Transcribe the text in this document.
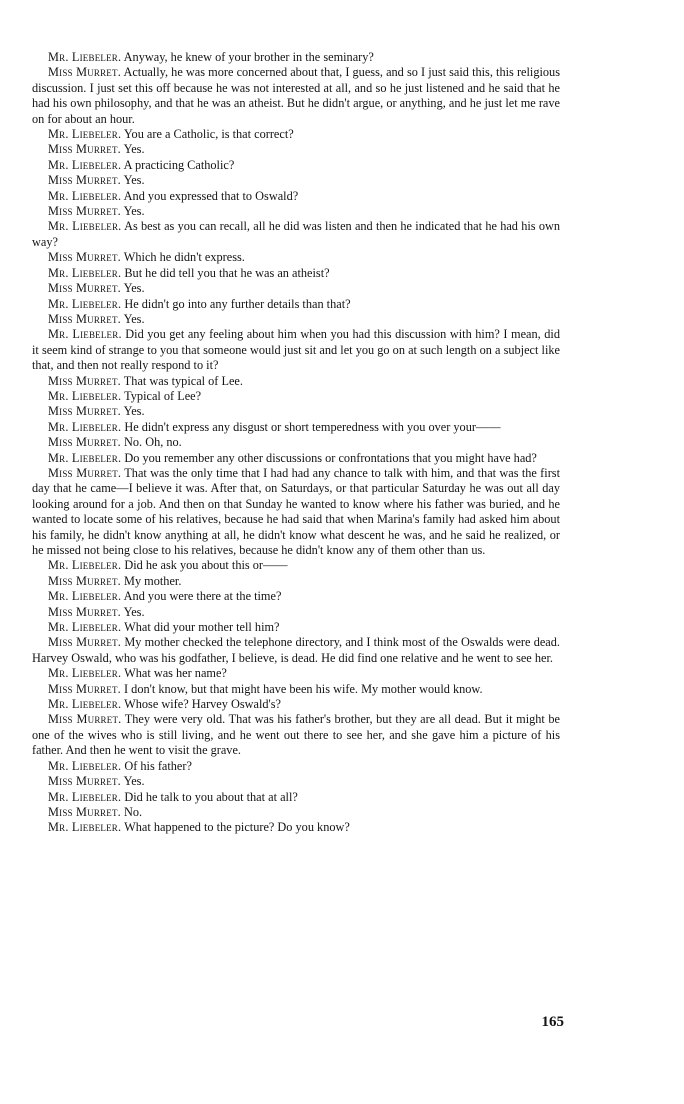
Mr. Liebeler. Anyway, he knew of your brother in the seminary?

Miss Murret. Actually, he was more concerned about that, I guess, and so I just said this, this religious discussion. I just set this off because he was not interested at all, and so he just listened and he said that he had his own philosophy, and that he was an atheist. But he didn't argue, or anything, and he just let me rave on for about an hour.

Mr. Liebeler. You are a Catholic, is that correct?

Miss Murret. Yes.

Mr. Liebeler. A practicing Catholic?

Miss Murret. Yes.

Mr. Liebeler. And you expressed that to Oswald?

Miss Murret. Yes.

Mr. Liebeler. As best as you can recall, all he did was listen and then he indicated that he had his own way?

Miss Murret. Which he didn't express.

Mr. Liebeler. But he did tell you that he was an atheist?

Miss Murret. Yes.

Mr. Liebeler. He didn't go into any further details than that?

Miss Murret. Yes.

Mr. Liebeler. Did you get any feeling about him when you had this discussion with him? I mean, did it seem kind of strange to you that someone would just sit and let you go on at such length on a subject like that, and then not really respond to it?

Miss Murret. That was typical of Lee.

Mr. Liebeler. Typical of Lee?

Miss Murret. Yes.

Mr. Liebeler. He didn't express any disgust or short temperedness with you over your——

Miss Murret. No. Oh, no.

Mr. Liebeler. Do you remember any other discussions or confrontations that you might have had?

Miss Murret. That was the only time that I had had any chance to talk with him, and that was the first day that he came—I believe it was. After that, on Saturdays, or that particular Saturday he was out all day looking around for a job. And then on that Sunday he wanted to know where his father was buried, and he wanted to locate some of his relatives, because he had said that when Marina's family had asked him about his family, he didn't know anything at all, he didn't know what descent he was, and he said he realized, or he missed not being close to his relatives, because he didn't know any of them other than us.

Mr. Liebeler. Did he ask you about this or——

Miss Murret. My mother.

Mr. Liebeler. And you were there at the time?

Miss Murret. Yes.

Mr. Liebeler. What did your mother tell him?

Miss Murret. My mother checked the telephone directory, and I think most of the Oswalds were dead. Harvey Oswald, who was his godfather, I believe, is dead. He did find one relative and he went to see her.

Mr. Liebeler. What was her name?

Miss Murret. I don't know, but that might have been his wife. My mother would know.

Mr. Liebeler. Whose wife? Harvey Oswald's?

Miss Murret. They were very old. That was his father's brother, but they are all dead. But it might be one of the wives who is still living, and he went out there to see her, and she gave him a picture of his father. And then he went to visit the grave.

Mr. Liebeler. Of his father?

Miss Murret. Yes.

Mr. Liebeler. Did he talk to you about that at all?

Miss Murret. No.

Mr. Liebeler. What happened to the picture? Do you know?

165
